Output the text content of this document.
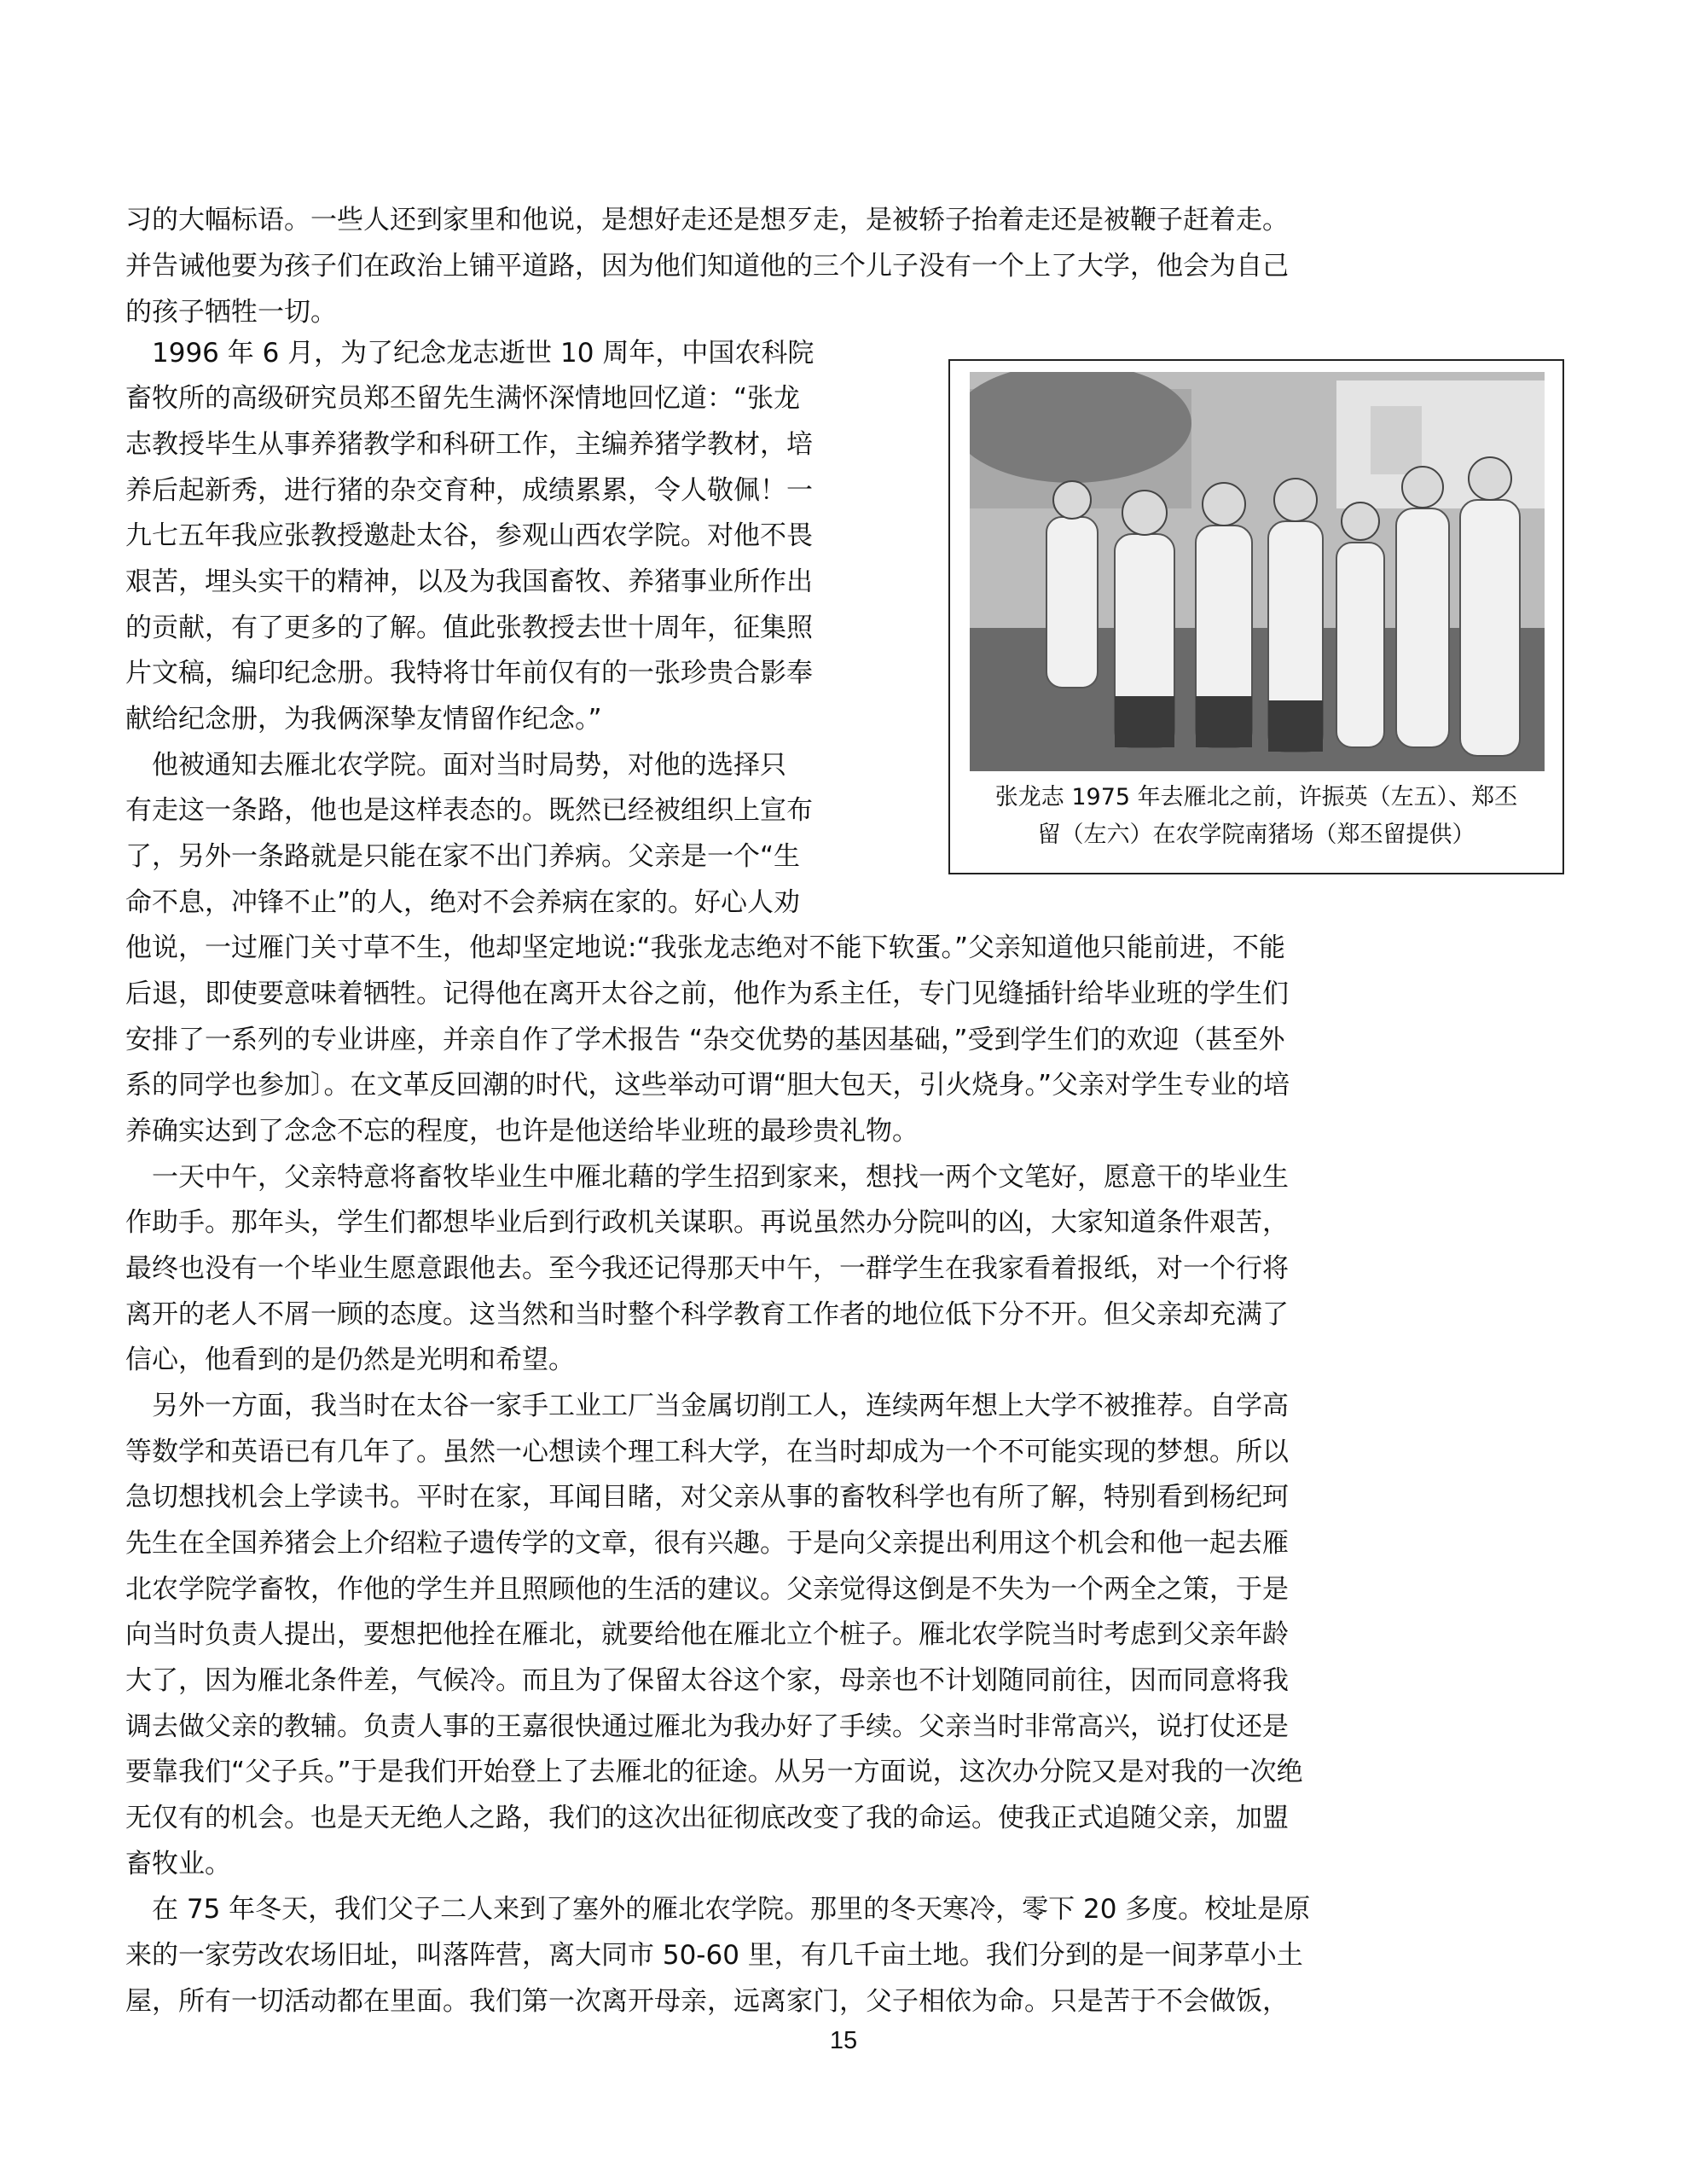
习的大幅标语。一些人还到家里和他说，是想好走还是想歹走，是被轿子抬着走还是被鞭子赶着走。
并告诫他要为孩子们在政治上铺平道路，因为他们知道他的三个儿子没有一个上了大学，他会为自己
的孩子牺牲一切。
　1996 年 6 月，为了纪念龙志逝世 10 周年，中国农科院
畜牧所的高级研究员郑丕留先生满怀深情地回忆道：“张龙
志教授毕生从事养猪教学和科研工作，主编养猪学教材，培
养后起新秀，进行猪的杂交育种，成绩累累，令人敬佩！一
九七五年我应张教授邀赴太谷，参观山西农学院。对他不畏
艰苦，埋头实干的精神，以及为我国畜牧、养猪事业所作出
的贡献，有了更多的了解。值此张教授去世十周年，征集照
片文稿，编印纪念册。我特将廿年前仅有的一张珍贵合影奉
献给纪念册，为我俩深挚友情留作纪念。”
　他被通知去雁北农学院。面对当时局势，对他的选择只
有走这一条路，他也是这样表态的。既然已经被组织上宣布
了，另外一条路就是只能在家不出门养病。父亲是一个“生
命不息，冲锋不止”的人，绝对不会养病在家的。好心人劝
他说，一过雁门关寸草不生，他却坚定地说:“我张龙志绝对不能下软蛋。”父亲知道他只能前进，不能
后退，即使要意味着牺牲。记得他在离开太谷之前，他作为系主任，专门见缝插针给毕业班的学生们
安排了一系列的专业讲座，并亲自作了学术报告 “杂交优势的基因基础，”受到学生们的欢迎（甚至外
系的同学也参加〕。在文革反回潮的时代，这些举动可谓“胆大包天，引火烧身。”父亲对学生专业的培
养确实达到了念念不忘的程度，也许是他送给毕业班的最珍贵礼物。
　一天中午，父亲特意将畜牧毕业生中雁北藉的学生招到家来，想找一两个文笔好，愿意干的毕业生
作助手。那年头，学生们都想毕业后到行政机关谋职。再说虽然办分院叫的凶，大家知道条件艰苦，
最终也没有一个毕业生愿意跟他去。至今我还记得那天中午，一群学生在我家看着报纸，对一个行将
离开的老人不屑一顾的态度。这当然和当时整个科学教育工作者的地位低下分不开。但父亲却充满了
信心，他看到的是仍然是光明和希望。
　另外一方面，我当时在太谷一家手工业工厂当金属切削工人，连续两年想上大学不被推荐。自学高
等数学和英语已有几年了。虽然一心想读个理工科大学，在当时却成为一个不可能实现的梦想。所以
急切想找机会上学读书。平时在家，耳闻目睹，对父亲从事的畜牧科学也有所了解，特别看到杨纪珂
先生在全国养猪会上介绍粒子遗传学的文章，很有兴趣。于是向父亲提出利用这个机会和他一起去雁
北农学院学畜牧，作他的学生并且照顾他的生活的建议。父亲觉得这倒是不失为一个两全之策，于是
向当时负责人提出，要想把他拴在雁北，就要给他在雁北立个桩子。雁北农学院当时考虑到父亲年龄
大了，因为雁北条件差，气候冷。而且为了保留太谷这个家，母亲也不计划随同前往，因而同意将我
调去做父亲的教辅。负责人事的王嘉很快通过雁北为我办好了手续。父亲当时非常高兴，说打仗还是
要靠我们“父子兵。”于是我们开始登上了去雁北的征途。从另一方面说，这次办分院又是对我的一次绝
无仅有的机会。也是天无绝人之路，我们的这次出征彻底改变了我的命运。使我正式追随父亲，加盟
畜牧业。
　在 75 年冬天，我们父子二人来到了塞外的雁北农学院。那里的冬天寒冷，零下 20 多度。校址是原
来的一家劳改农场旧址，叫落阵营，离大同市 50-60 里，有几千亩土地。我们分到的是一间茅草小土
屋，所有一切活动都在里面。我们第一次离开母亲，远离家门，父子相依为命。只是苦于不会做饭，
张龙志 1975 年去雁北之前，许振英（左五）、郑丕
留（左六）在农学院南猪场（郑丕留提供）
15
